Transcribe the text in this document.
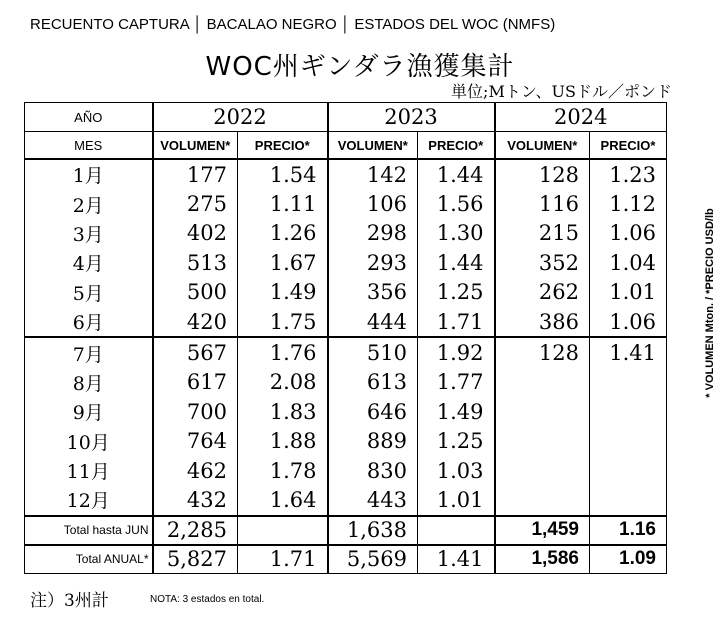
RECUENTO CAPTURA │ BACALAO NEGRO │ ESTADOS DEL WOC (NMFS)
WOC州ギンダラ漁獲集計
単位;Mトン、USドル／ポンド
* VOLUMEN Mton. / *PRECIO USD/lb
AÑO	2022		2023		2024	
MES	VOLUMEN*	PRECIO*	VOLUMEN*	PRECIO*	VOLUMEN*	PRECIO*
1月	177	1.54	142	1.44	128	1.23
2月	275	1.11	106	1.56	116	1.12
3月	402	1.26	298	1.30	215	1.06
4月	513	1.67	293	1.44	352	1.04
5月	500	1.49	356	1.25	262	1.01
6月	420	1.75	444	1.71	386	1.06
7月	567	1.76	510	1.92	128	1.41
8月	617	2.08	613	1.77		
9月	700	1.83	646	1.49		
10月	764	1.88	889	1.25		
11月	462	1.78	830	1.03		
12月	432	1.64	443	1.01		
Total hasta JUN	2,285		1,638		1,459	1.16
Total ANUAL*	5,827	1.71	5,569	1.41	1,586	1.09
注）3州計	NOTA: 3 estados en total.
